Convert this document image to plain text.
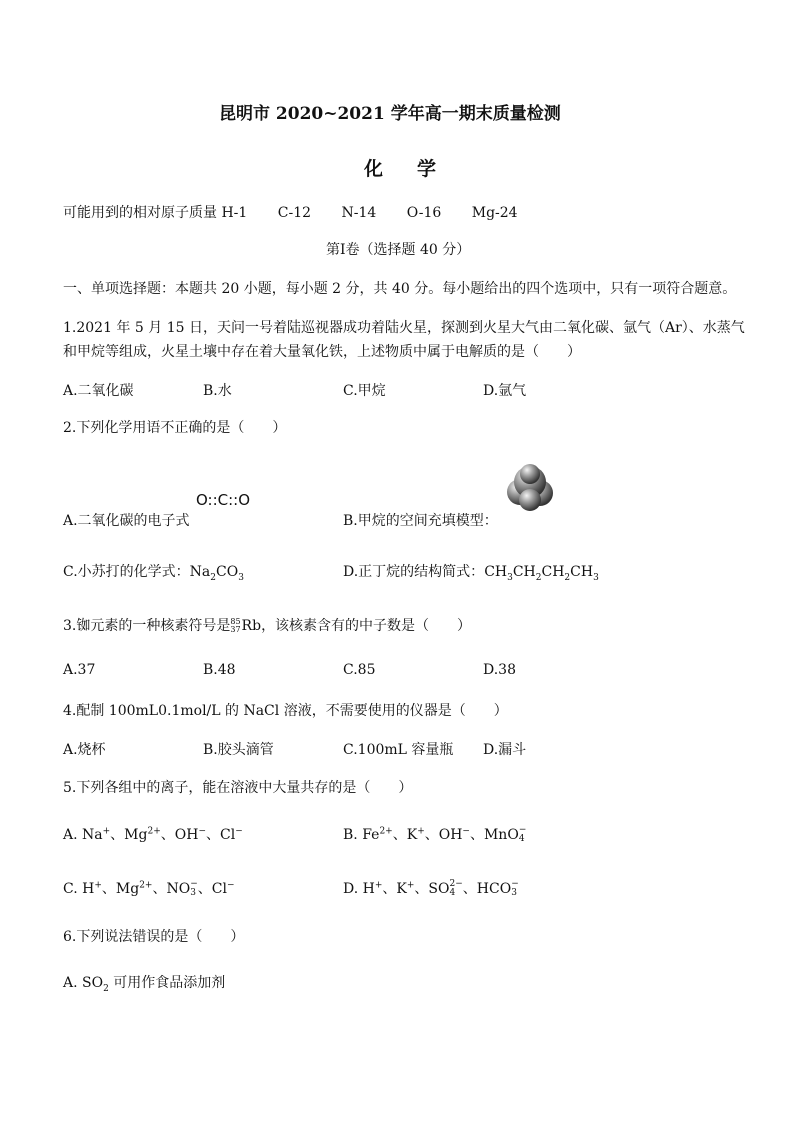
昆明市 2020~2021 学年高一期末质量检测
化 学
可能用到的相对原子质量 H-1 C-12 N-14 O-16 Mg-24
第Ⅰ卷（选择题 40 分）
一、单项选择题：本题共 20 小题，每小题 2 分，共 40 分。每小题给出的四个选项中，只有一项符合题意。
1.2021 年 5 月 15 日，天问一号着陆巡视器成功着陆火星，探测到火星大气由二氧化碳、氩气（Ar）、水蒸气
和甲烷等组成，火星土壤中存在着大量氧化铁，上述物质中属于电解质的是（　　）
A.二氧化碳	B.水	C.甲烷	D.氩气
2.下列化学用语不正确的是（　　）
A.二氧化碳的电子式
O::C::O
B.甲烷的空间充填模型：
C.小苏打的化学式：$Na_2CO_3$	D.正丁烷的结构简式：$CH_3CH_2CH_2CH_3$
3.铷元素的一种核素符号是 85
37 Rb，该核素含有的中子数是（　　）
A.37	B.48	C.85	D.38
4.配制 100mL0.1mol/L 的 NaCl 溶液，不需要使用的仪器是（　　）
A.烧杯	B.胶头滴管	C.100mL 容量瓶 D.漏斗
5.下列各组中的离子，能在溶液中大量共存的是（　　）
A. Na+、$Mg^{2+}$、OH−、Cl−	B. $Fe^{2+}$、K+、OH−、MnO −
4
C. H+、$Mg^{2+}$、NO −
3 、Cl−	D. H+、K+、SO 2−
4 、HCO −
3
6.下列说法错误的是（　　）
A. $SO_2$ 可用作食品添加剂
